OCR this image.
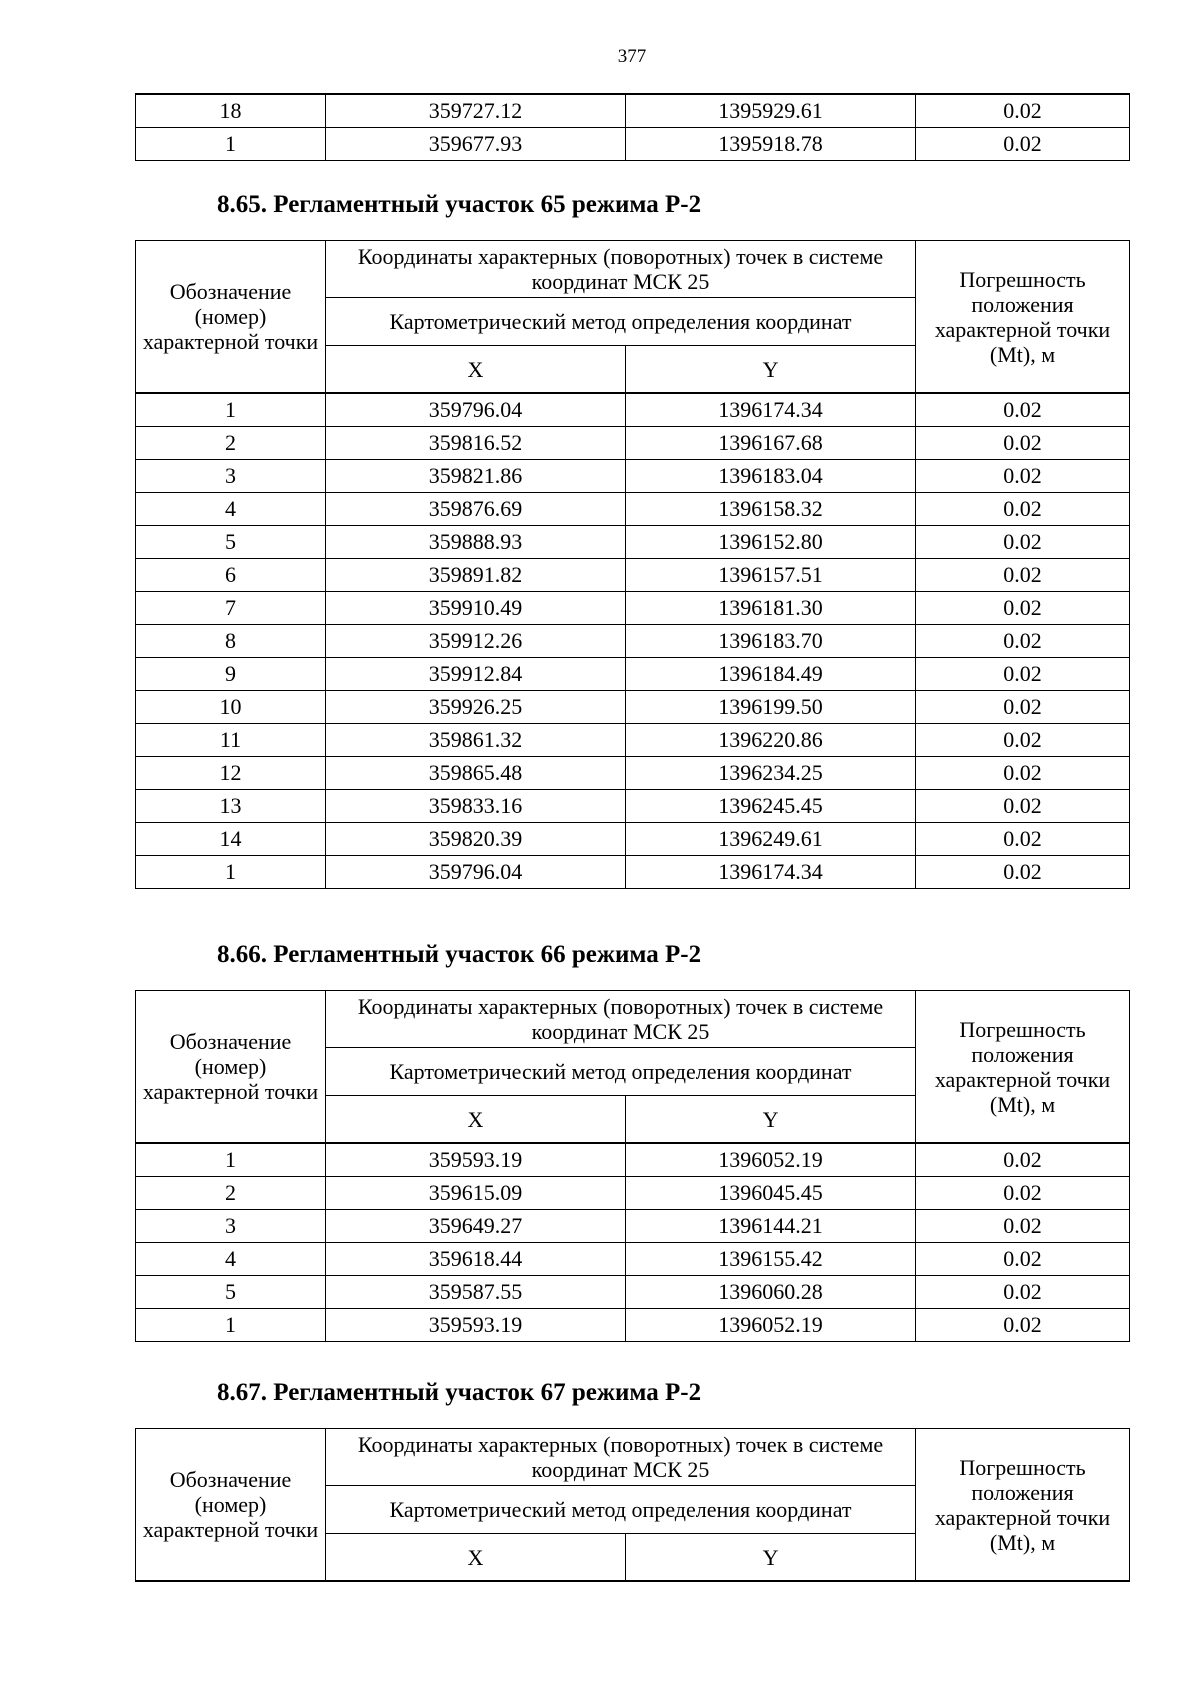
377
18	359727.12	1395929.61	0.02
1	359677.93	1395918.78	0.02
8.65. Регламентный участок 65 режима Р-2
Обозначение (номер) характерной точки	Координаты характерных (поворотных) точек в системе координат МСК 25		Погрешность положения характерной точки (Mt), м
	Картометрический метод определения координат		
	X	Y	
1	359796.04	1396174.34	0.02
2	359816.52	1396167.68	0.02
3	359821.86	1396183.04	0.02
4	359876.69	1396158.32	0.02
5	359888.93	1396152.80	0.02
6	359891.82	1396157.51	0.02
7	359910.49	1396181.30	0.02
8	359912.26	1396183.70	0.02
9	359912.84	1396184.49	0.02
10	359926.25	1396199.50	0.02
11	359861.32	1396220.86	0.02
12	359865.48	1396234.25	0.02
13	359833.16	1396245.45	0.02
14	359820.39	1396249.61	0.02
1	359796.04	1396174.34	0.02
8.66. Регламентный участок 66 режима Р-2
Обозначение (номер) характерной точки	Координаты характерных (поворотных) точек в системе координат МСК 25		Погрешность положения характерной точки (Mt), м
	Картометрический метод определения координат		
	X	Y	
1	359593.19	1396052.19	0.02
2	359615.09	1396045.45	0.02
3	359649.27	1396144.21	0.02
4	359618.44	1396155.42	0.02
5	359587.55	1396060.28	0.02
1	359593.19	1396052.19	0.02
8.67. Регламентный участок 67 режима Р-2
Обозначение (номер) характерной точки	Координаты характерных (поворотных) точек в системе координат МСК 25		Погрешность положения характерной точки (Mt), м
	Картометрический метод определения координат		
	X	Y	
